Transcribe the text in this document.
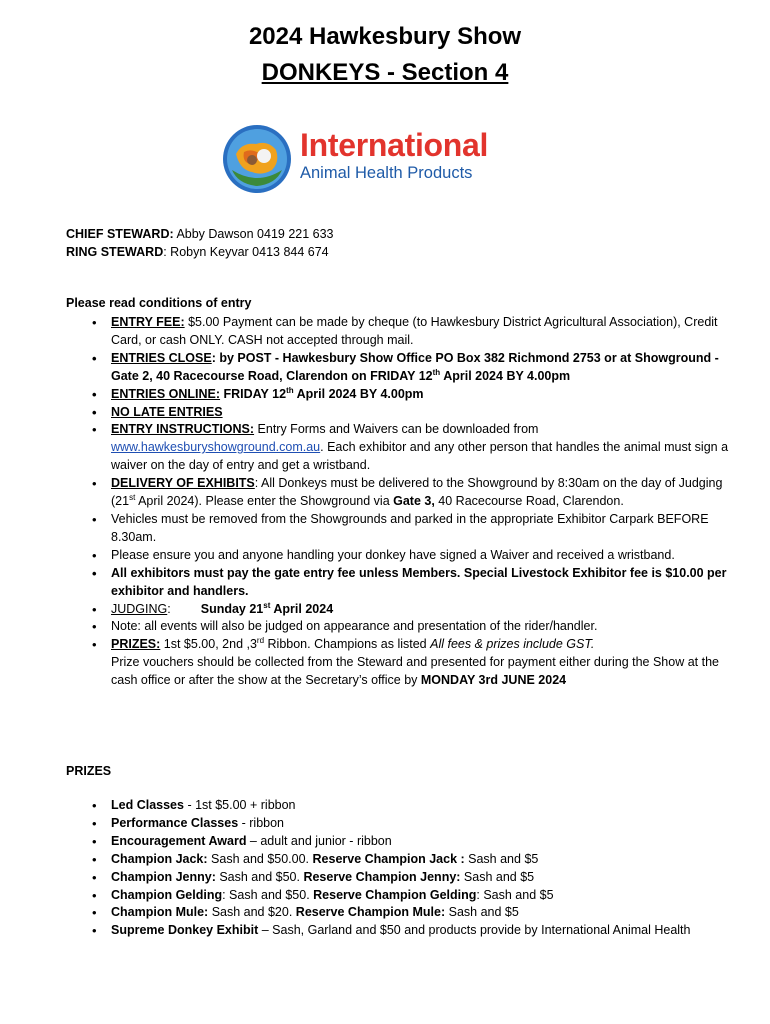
2024 Hawkesbury Show
DONKEYS - Section 4
International
Animal Health Products
CHIEF STEWARD: Abby Dawson 0419 221 633
RING STEWARD: Robyn Keyvar 0413 844 674
Please read conditions of entry
• ENTRY FEE: $5.00 Payment can be made by cheque (to Hawkesbury District Agricultural Association), Credit Card, or cash ONLY. CASH not accepted through mail.
• ENTRIES CLOSE: by POST - Hawkesbury Show Office PO Box 382 Richmond 2753 or at Showground - Gate 2, 40 Racecourse Road, Clarendon on FRIDAY 12th April 2024 BY 4.00pm
• ENTRIES ONLINE: FRIDAY 12th April 2024 BY 4.00pm
• NO LATE ENTRIES
• ENTRY INSTRUCTIONS: Entry Forms and Waivers can be downloaded from www.hawkesburyshowground.com.au. Each exhibitor and any other person that handles the animal must sign a waiver on the day of entry and get a wristband.
• DELIVERY OF EXHIBITS: All Donkeys must be delivered to the Showground by 8:30am on the day of Judging (21st April 2024). Please enter the Showground via Gate 3, 40 Racecourse Road, Clarendon.
• Vehicles must be removed from the Showgrounds and parked in the appropriate Exhibitor Carpark BEFORE 8.30am.
• Please ensure you and anyone handling your donkey have signed a Waiver and received a wristband.
• All exhibitors must pay the gate entry fee unless Members. Special Livestock Exhibitor fee is $10.00 per exhibitor and handlers.
• JUDGING: Sunday 21st April 2024
• Note: all events will also be judged on appearance and presentation of the rider/handler.
• PRIZES: 1st $5.00, 2nd ,3rd Ribbon. Champions as listed All fees & prizes include GST.
Prize vouchers should be collected from the Steward and presented for payment either during the Show at the cash office or after the show at the Secretary’s office by MONDAY 3rd JUNE 2024
PRIZES
• Led Classes - 1st $5.00 + ribbon
• Performance Classes - ribbon
• Encouragement Award – adult and junior - ribbon
• Champion Jack: Sash and $50.00. Reserve Champion Jack : Sash and $5
• Champion Jenny: Sash and $50. Reserve Champion Jenny: Sash and $5
• Champion Gelding: Sash and $50. Reserve Champion Gelding: Sash and $5
• Champion Mule: Sash and $20. Reserve Champion Mule: Sash and $5
• Supreme Donkey Exhibit – Sash, Garland and $50 and products provide by International Animal Health
